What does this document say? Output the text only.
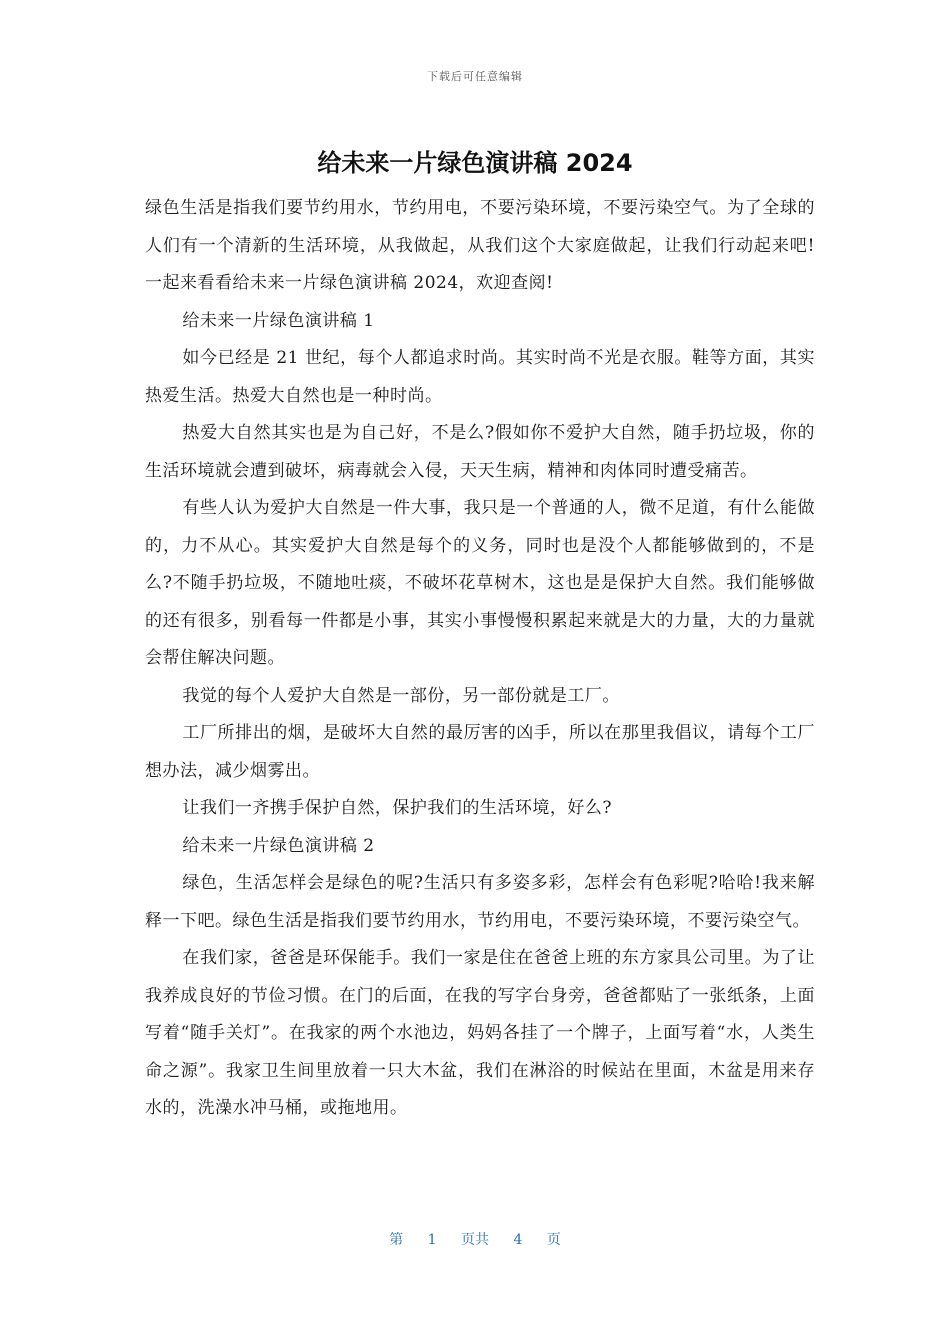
下载后可任意编辑
给未来一片绿色演讲稿 2024

绿色生活是指我们要节约用水，节约用电，不要污染环境，不要污染空气。为了全球的人们有一个清新的生活环境，从我做起，从我们这个大家庭做起，让我们行动起来吧!一起来看看给未来一片绿色演讲稿 2024，欢迎查阅!

给未来一片绿色演讲稿 1

如今已经是 21 世纪，每个人都追求时尚。其实时尚不光是衣服。鞋等方面，其实热爱生活。热爱大自然也是一种时尚。

热爱大自然其实也是为自己好，不是么?假如你不爱护大自然，随手扔垃圾，你的生活环境就会遭到破坏，病毒就会入侵，天天生病，精神和肉体同时遭受痛苦。

有些人认为爱护大自然是一件大事，我只是一个普通的人，微不足道，有什么能做的，力不从心。其实爱护大自然是每个的义务，同时也是没个人都能够做到的，不是么?不随手扔垃圾，不随地吐痰，不破坏花草树木，这也是是保护大自然。我们能够做的还有很多，别看每一件都是小事，其实小事慢慢积累起来就是大的力量，大的力量就会帮住解决问题。

我觉的每个人爱护大自然是一部份，另一部份就是工厂。

工厂所排出的烟，是破坏大自然的最厉害的凶手，所以在那里我倡议，请每个工厂想办法，减少烟雾出。

让我们一齐携手保护自然，保护我们的生活环境，好么?

给未来一片绿色演讲稿 2

绿色，生活怎样会是绿色的呢?生活只有多姿多彩，怎样会有色彩呢?哈哈!我来解释一下吧。绿色生活是指我们要节约用水，节约用电，不要污染环境，不要污染空气。

在我们家，爸爸是环保能手。我们一家是住在爸爸上班的东方家具公司里。为了让我养成良好的节俭习惯。在门的后面，在我的写字台身旁，爸爸都贴了一张纸条，上面写着“随手关灯”。在我家的两个水池边，妈妈各挂了一个牌子，上面写着“水，人类生命之源”。我家卫生间里放着一只大木盆，我们在淋浴的时候站在里面，木盆是用来存水的，洗澡水冲马桶，或拖地用。

第 1 页共 4 页
